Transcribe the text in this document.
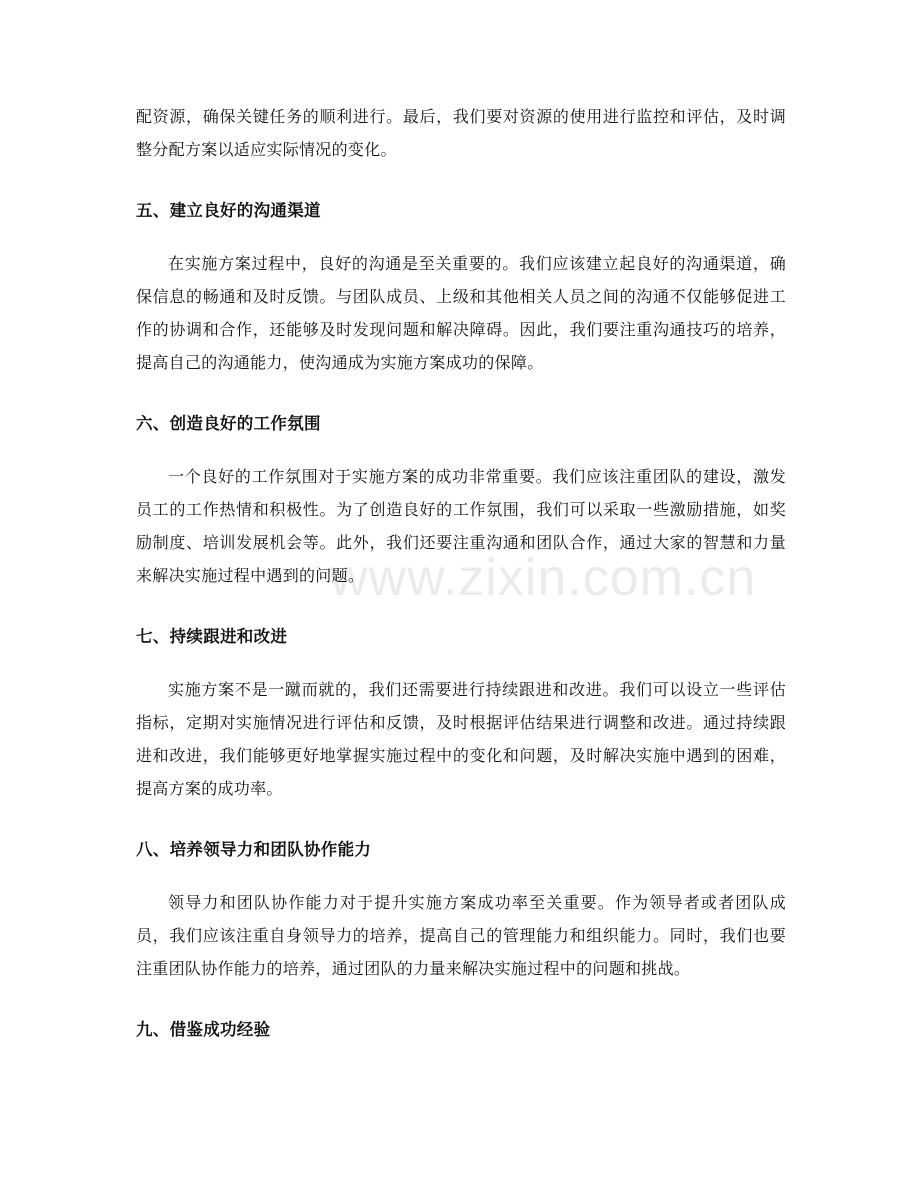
配资源，确保关键任务的顺利进行。最后，我们要对资源的使用进行监控和评估，及时调整分配方案以适应实际情况的变化。

五、建立良好的沟通渠道

在实施方案过程中，良好的沟通是至关重要的。我们应该建立起良好的沟通渠道，确保信息的畅通和及时反馈。与团队成员、上级和其他相关人员之间的沟通不仅能够促进工作的协调和合作，还能够及时发现问题和解决障碍。因此，我们要注重沟通技巧的培养，提高自己的沟通能力，使沟通成为实施方案成功的保障。

六、创造良好的工作氛围

一个良好的工作氛围对于实施方案的成功非常重要。我们应该注重团队的建设，激发员工的工作热情和积极性。为了创造良好的工作氛围，我们可以采取一些激励措施，如奖励制度、培训发展机会等。此外，我们还要注重沟通和团队合作，通过大家的智慧和力量来解决实施过程中遇到的问题。

七、持续跟进和改进

实施方案不是一蹴而就的，我们还需要进行持续跟进和改进。我们可以设立一些评估指标，定期对实施情况进行评估和反馈，及时根据评估结果进行调整和改进。通过持续跟进和改进，我们能够更好地掌握实施过程中的变化和问题，及时解决实施中遇到的困难，提高方案的成功率。

八、培养领导力和团队协作能力

领导力和团队协作能力对于提升实施方案成功率至关重要。作为领导者或者团队成员，我们应该注重自身领导力的培养，提高自己的管理能力和组织能力。同时，我们也要注重团队协作能力的培养，通过团队的力量来解决实施过程中的问题和挑战。

九、借鉴成功经验
www.zixin.com.cn
